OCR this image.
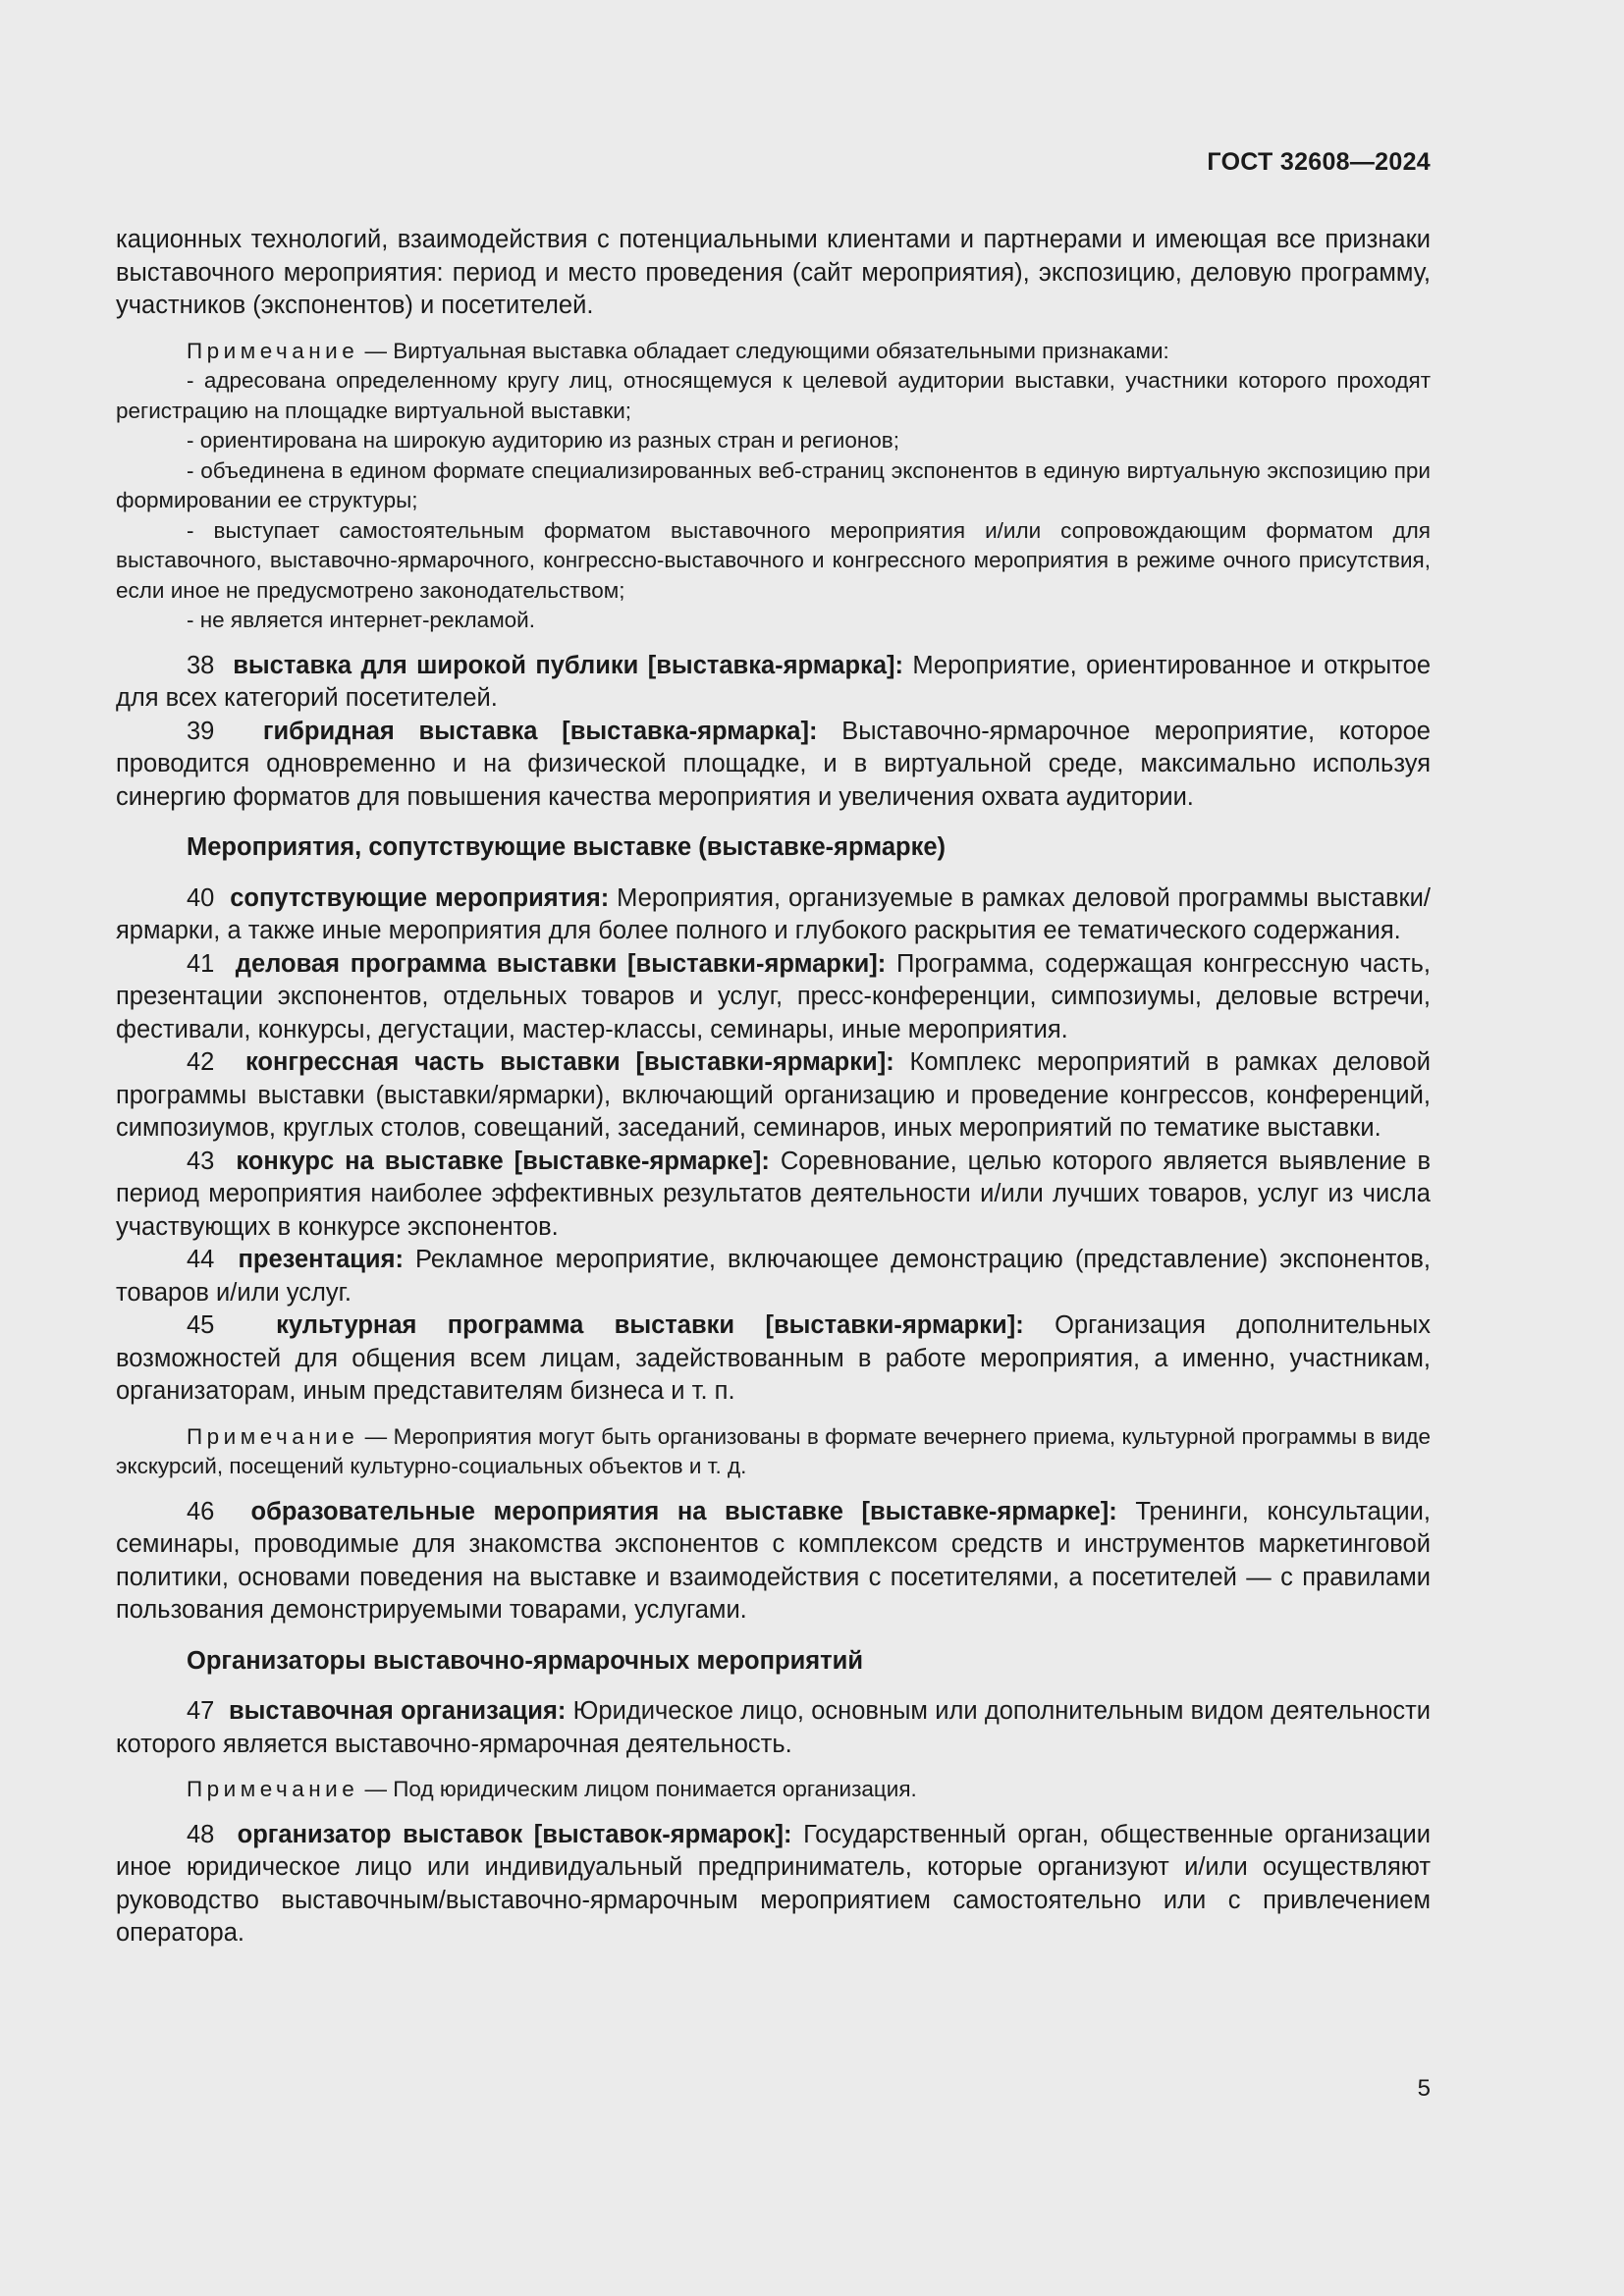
ГОСТ 32608—2024

кационных технологий, взаимодействия с потенциальными клиентами и партнерами и имеющая все признаки выставочного мероприятия: период и место проведения (сайт мероприятия), экспозицию, деловую программу, участников (экспонентов) и посетителей.

Примечание — Виртуальная выставка обладает следующими обязательными признаками:

- адресована определенному кругу лиц, относящемуся к целевой аудитории выставки, участники которого проходят регистрацию на площадке виртуальной выставки;

- ориентирована на широкую аудиторию из разных стран и регионов;

- объединена в едином формате специализированных веб-страниц экспонентов в единую виртуальную экспозицию при формировании ее структуры;

- выступает самостоятельным форматом выставочного мероприятия и/или сопровождающим форматом для выставочного, выставочно-ярмарочного, конгрессно-выставочного и конгрессного мероприятия в режиме очного присутствия, если иное не предусмотрено законодательством;

- не является интернет-рекламой.

38 выставка для широкой публики [выставка-ярмарка]: Мероприятие, ориентированное и открытое для всех категорий посетителей.

39 гибридная выставка [выставка-ярмарка]: Выставочно-ярмарочное мероприятие, которое проводится одновременно и на физической площадке, и в виртуальной среде, максимально используя синергию форматов для повышения качества мероприятия и увеличения охвата аудитории.

Мероприятия, сопутствующие выставке (выставке-ярмарке)

40 сопутствующие мероприятия: Мероприятия, организуемые в рамках деловой программы выставки/ярмарки, а также иные мероприятия для более полного и глубокого раскрытия ее тематического содержания.

41 деловая программа выставки [выставки-ярмарки]: Программа, содержащая конгрессную часть, презентации экспонентов, отдельных товаров и услуг, пресс-конференции, симпозиумы, деловые встречи, фестивали, конкурсы, дегустации, мастер-классы, семинары, иные мероприятия.

42 конгрессная часть выставки [выставки-ярмарки]: Комплекс мероприятий в рамках деловой программы выставки (выставки/ярмарки), включающий организацию и проведение конгрессов, конференций, симпозиумов, круглых столов, совещаний, заседаний, семинаров, иных мероприятий по тематике выставки.

43 конкурс на выставке [выставке-ярмарке]: Соревнование, целью которого является выявление в период мероприятия наиболее эффективных результатов деятельности и/или лучших товаров, услуг из числа участвующих в конкурсе экспонентов.

44 презентация: Рекламное мероприятие, включающее демонстрацию (представление) экспонентов, товаров и/или услуг.

45 культурная программа выставки [выставки-ярмарки]: Организация дополнительных возможностей для общения всем лицам, задействованным в работе мероприятия, а именно, участникам, организаторам, иным представителям бизнеса и т. п.

Примечание — Мероприятия могут быть организованы в формате вечернего приема, культурной программы в виде экскурсий, посещений культурно-социальных объектов и т. д.

46 образовательные мероприятия на выставке [выставке-ярмарке]: Тренинги, консультации, семинары, проводимые для знакомства экспонентов с комплексом средств и инструментов маркетинговой политики, основами поведения на выставке и взаимодействия с посетителями, а посетителей — с правилами пользования демонстрируемыми товарами, услугами.

Организаторы выставочно-ярмарочных мероприятий

47 выставочная организация: Юридическое лицо, основным или дополнительным видом деятельности которого является выставочно-ярмарочная деятельность.

Примечание — Под юридическим лицом понимается организация.

48 организатор выставок [выставок-ярмарок]: Государственный орган, общественные организации иное юридическое лицо или индивидуальный предприниматель, которые организуют и/или осуществляют руководство выставочным/выставочно-ярмарочным мероприятием самостоятельно или с привлечением оператора.

5
